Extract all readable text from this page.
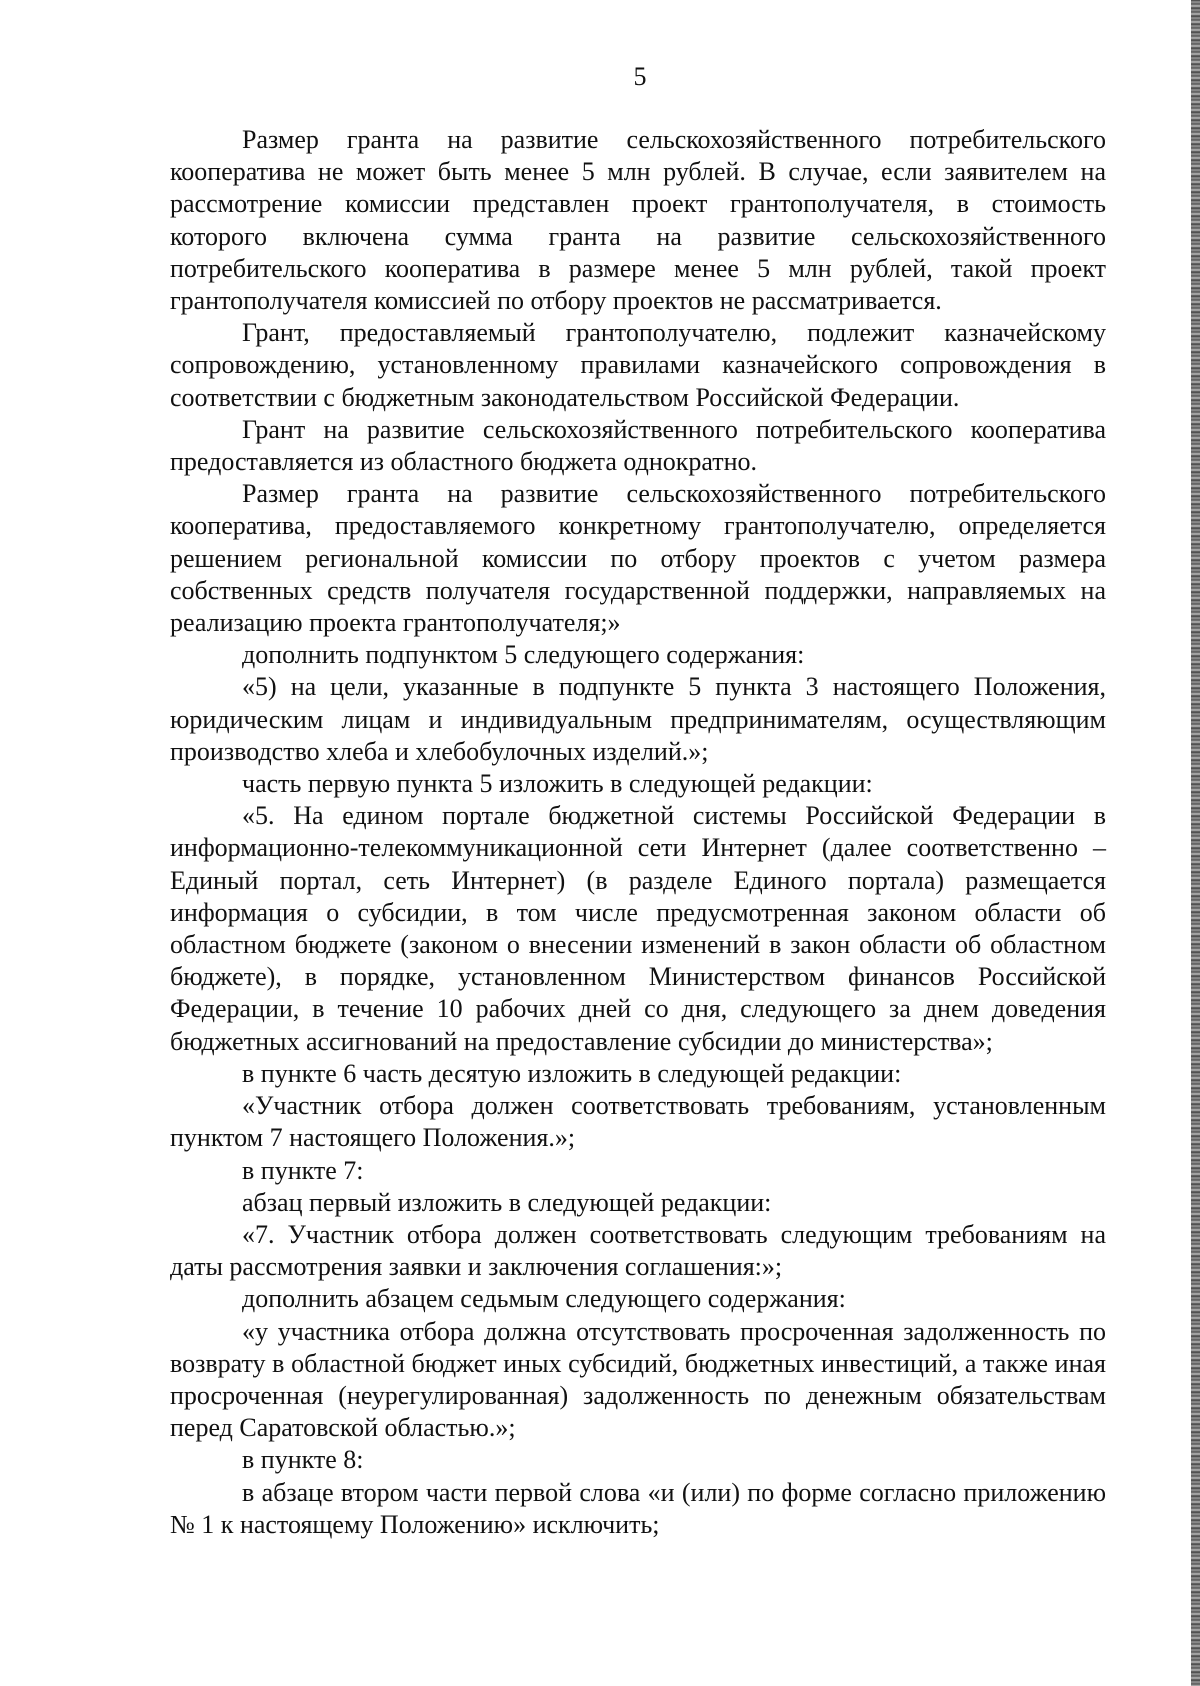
5

Размер гранта на развитие сельскохозяйственного потребительского кооператива не может быть менее 5 млн рублей. В случае, если заявителем на рассмотрение комиссии представлен проект грантополучателя, в стоимость которого включена сумма гранта на развитие сельскохозяйственного потребительского кооператива в размере менее 5 млн рублей, такой проект грантополучателя комиссией по отбору проектов не рассматривается.

Грант, предоставляемый грантополучателю, подлежит казначейскому сопровождению, установленному правилами казначейского сопровождения в соответствии с бюджетным законодательством Российской Федерации.

Грант на развитие сельскохозяйственного потребительского кооператива предоставляется из областного бюджета однократно.

Размер гранта на развитие сельскохозяйственного потребительского кооператива, предоставляемого конкретному грантополучателю, определяется решением региональной комиссии по отбору проектов с учетом размера собственных средств получателя государственной поддержки, направляемых на реализацию проекта грантополучателя;»

дополнить подпунктом 5 следующего содержания:

«5) на цели, указанные в подпункте 5 пункта 3 настоящего Положения, юридическим лицам и индивидуальным предпринимателям, осуществляющим производство хлеба и хлебобулочных изделий.»;

часть первую пункта 5 изложить в следующей редакции:

«5. На едином портале бюджетной системы Российской Федерации в информационно-телекоммуникационной сети Интернет (далее соответственно – Единый портал, сеть Интернет) (в разделе Единого портала) размещается информация о субсидии, в том числе предусмотренная законом области об областном бюджете (законом о внесении изменений в закон области об областном бюджете), в порядке, установленном Министерством финансов Российской Федерации, в течение 10 рабочих дней со дня, следующего за днем доведения бюджетных ассигнований на предоставление субсидии до министерства»;

в пункте 6 часть десятую изложить в следующей редакции:

«Участник отбора должен соответствовать требованиям, установленным пунктом 7 настоящего Положения.»;

в пункте 7:

абзац первый изложить в следующей редакции:

«7. Участник отбора должен соответствовать следующим требованиям на даты рассмотрения заявки и заключения соглашения:»;

дополнить абзацем седьмым следующего содержания:

«у участника отбора должна отсутствовать просроченная задолженность по возврату в областной бюджет иных субсидий, бюджетных инвестиций, а также иная просроченная (неурегулированная) задолженность по денежным обязательствам перед Саратовской областью.»;

в пункте 8:

в абзаце втором части первой слова «и (или) по форме согласно приложению № 1 к настоящему Положению» исключить;
